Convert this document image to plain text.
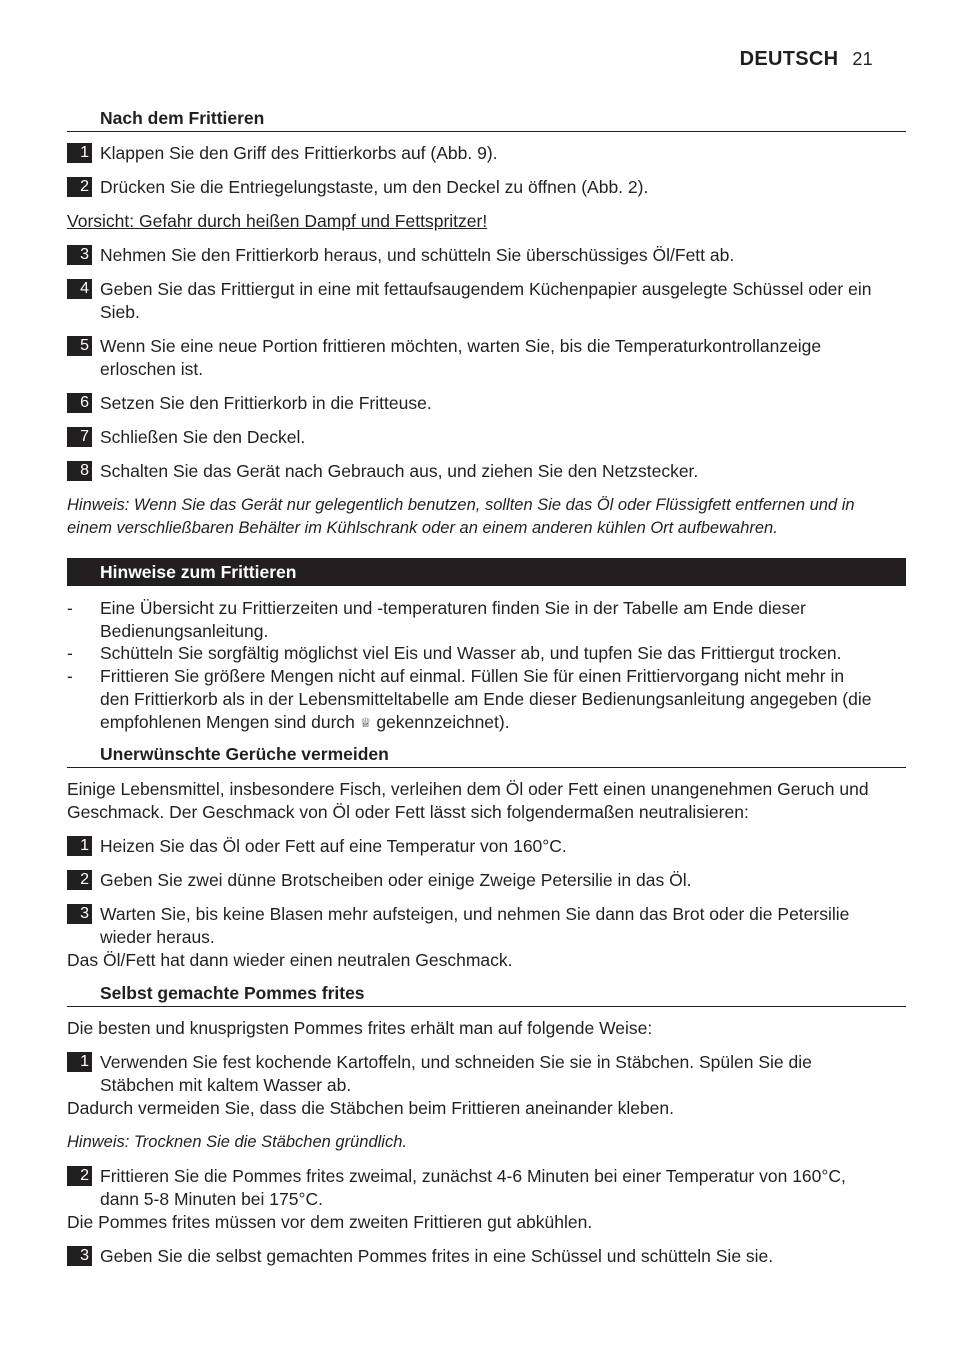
DEUTSCH 21
Nach dem Frittieren
1 Klappen Sie den Griff des Frittierkorbs auf (Abb. 9).
2 Drücken Sie die Entriegelungstaste, um den Deckel zu öffnen (Abb. 2).
Vorsicht: Gefahr durch heißen Dampf und Fettspritzer!
3 Nehmen Sie den Frittierkorb heraus, und schütteln Sie überschüssiges Öl/Fett ab.
4 Geben Sie das Frittiergut in eine mit fettaufsaugendem Küchenpapier ausgelegte Schüssel oder ein Sieb.
5 Wenn Sie eine neue Portion frittieren möchten, warten Sie, bis die Temperaturkontrollanzeige erloschen ist.
6 Setzen Sie den Frittierkorb in die Fritteuse.
7 Schließen Sie den Deckel.
8 Schalten Sie das Gerät nach Gebrauch aus, und ziehen Sie den Netzstecker.
Hinweis: Wenn Sie das Gerät nur gelegentlich benutzen, sollten Sie das Öl oder Flüssigfett entfernen und in einem verschließbaren Behälter im Kühlschrank oder an einem anderen kühlen Ort aufbewahren.
Hinweise zum Frittieren
- Eine Übersicht zu Frittierzeiten und -temperaturen finden Sie in der Tabelle am Ende dieser Bedienungsanleitung.
- Schütteln Sie sorgfältig möglichst viel Eis und Wasser ab, und tupfen Sie das Frittiergut trocken.
- Frittieren Sie größere Mengen nicht auf einmal. Füllen Sie für einen Frittiervorgang nicht mehr in den Frittierkorb als in der Lebensmitteltabelle am Ende dieser Bedienungsanleitung angegeben (die empfohlenen Mengen sind durch ♕ gekennzeichnet).
Unerwünschte Gerüche vermeiden
Einige Lebensmittel, insbesondere Fisch, verleihen dem Öl oder Fett einen unangenehmen Geruch und Geschmack. Der Geschmack von Öl oder Fett lässt sich folgendermaßen neutralisieren:
1 Heizen Sie das Öl oder Fett auf eine Temperatur von 160°C.
2 Geben Sie zwei dünne Brotscheiben oder einige Zweige Petersilie in das Öl.
3 Warten Sie, bis keine Blasen mehr aufsteigen, und nehmen Sie dann das Brot oder die Petersilie wieder heraus.
Das Öl/Fett hat dann wieder einen neutralen Geschmack.
Selbst gemachte Pommes frites
Die besten und knusprigsten Pommes frites erhält man auf folgende Weise:
1 Verwenden Sie fest kochende Kartoffeln, und schneiden Sie sie in Stäbchen. Spülen Sie die Stäbchen mit kaltem Wasser ab.
Dadurch vermeiden Sie, dass die Stäbchen beim Frittieren aneinander kleben.
Hinweis: Trocknen Sie die Stäbchen gründlich.
2 Frittieren Sie die Pommes frites zweimal, zunächst 4-6 Minuten bei einer Temperatur von 160°C, dann 5-8 Minuten bei 175°C.
Die Pommes frites müssen vor dem zweiten Frittieren gut abkühlen.
3 Geben Sie die selbst gemachten Pommes frites in eine Schüssel und schütteln Sie sie.
